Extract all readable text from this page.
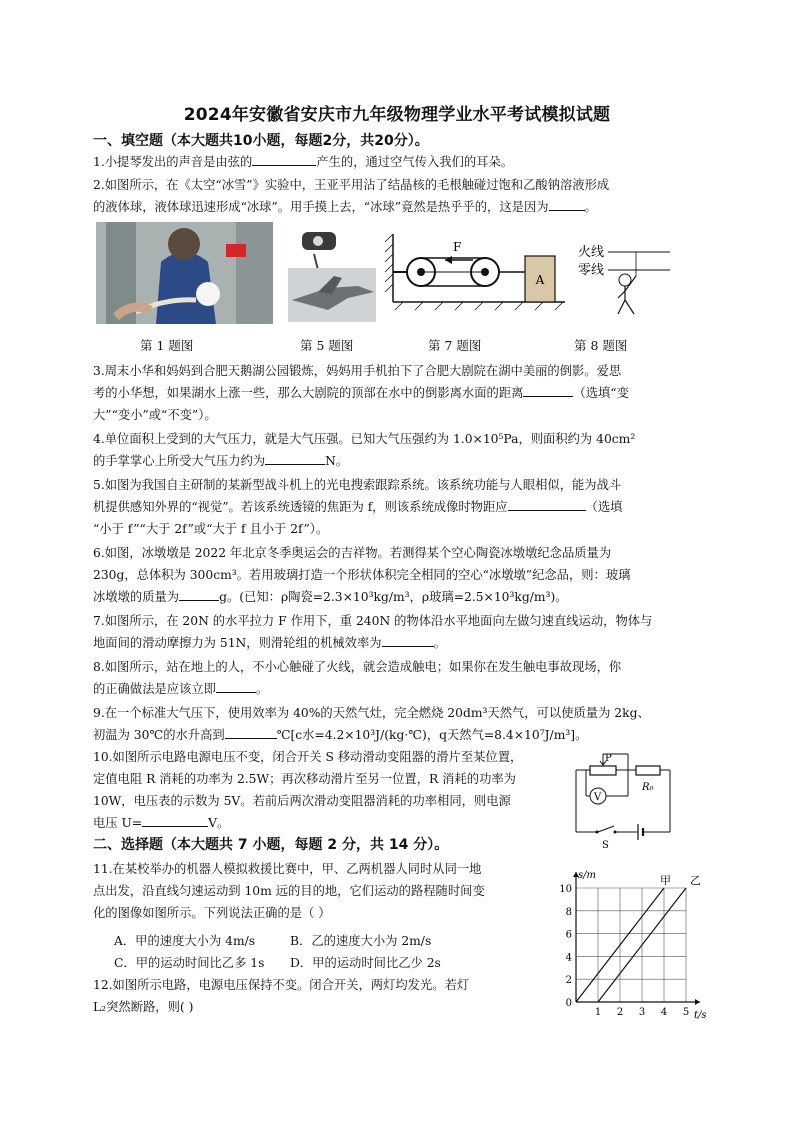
2024年安徽省安庆市九年级物理学业水平考试模拟试题
一、填空题（本大题共10小题，每题2分，共20分）。
1.小提琴发出的声音是由弦的	产生的，通过空气传入我们的耳朵。
2.如图所示，在《太空“冰雪”》实验中，王亚平用沾了结晶核的毛根触碰过饱和乙酸钠溶液形成
的液体球，液体球迅速形成“冰球”。用手摸上去，“冰球”竟然是热乎乎的，这是因为	。
A
F	火线
零线
第 1 题图	第 5 题图	第 7 题图	第 8 题图
3.周末小华和妈妈到合肥天鹅湖公园锻炼，妈妈用手机拍下了合肥大剧院在湖中美丽的倒影。爱思
考的小华想，如果湖水上涨一些，那么大剧院的顶部在水中的倒影离水面的距离	（选填“变
大”“变小”或“不变”）。
4.单位面积上受到的大气压力，就是大气压强。已知大气压强约为 1.0×10⁵Pa，则面积约为 40cm²
的手掌掌心上所受大气压力约为	N。
5.如图为我国自主研制的某新型战斗机上的光电搜索跟踪系统。该系统功能与人眼相似，能为战斗
机提供感知外界的“视觉”。若该系统透镜的焦距为 f，则该系统成像时物距应	（选填
“小于 f”“大于 2f”或“大于 f 且小于 2f”）。
6.如图，冰墩墩是 2022 年北京冬季奥运会的吉祥物。若测得某个空心陶瓷冰墩墩纪念品质量为
230g，总体积为 300cm³。若用玻璃打造一个形状体积完全相同的空心“冰墩墩”纪念品，则：玻璃
冰墩墩的质量为	g。(已知：ρ陶瓷=2.3×10³kg/m³，ρ玻璃=2.5×10³kg/m³)。
7.如图所示，在 20N 的水平拉力 F 作用下，重 240N 的物体沿水平地面向左做匀速直线运动，物体与
地面间的滑动摩擦力为 51N，则滑轮组的机械效率为	。
8.如图所示，站在地上的人，不小心触碰了火线，就会造成触电；如果你在发生触电事故现场，你
的正确做法是应该立即	。
9.在一个标准大气压下，使用效率为 40%的天然气灶，完全燃烧 20dm³天然气，可以使质量为 2kg、
初温为 30℃的水升高到	℃[c水=4.2×10³J/(kg·℃)，q天然气=8.4×10⁷J/m³]。
10.如图所示电路电源电压不变，闭合开关 S 移动滑动变阻器的滑片至某位置，
定值电阻 R 消耗的功率为 2.5W；再次移动滑片至另一位置，R 消耗的功率为
10W，电压表的示数为 5V。若前后两次滑动变阻器消耗的功率相同，则电源
电压 U=	V。
P
R₀
V
S
二、选择题（本大题共 7 小题，每题 2 分，共 14 分）。
11.在某校举办的机器人模拟救援比赛中，甲、乙两机器人同时从同一地
点出发，沿直线匀速运动到 10m 远的目的地，它们运动的路程随时间变
化的图像如图所示。下列说法正确的是（ ）
A．甲的速度大小为 4m/s	B．乙的速度大小为 2m/s
C．甲的运动时间比乙多 1s D．甲的运动时间比乙少 2s
12.如图所示电路，电源电压保持不变。闭合开关，两灯均发光。若灯
L₂突然断路，则( )	1 2 3 4 5
0
2
4
6
8
10
t/s
s/m	甲 乙
